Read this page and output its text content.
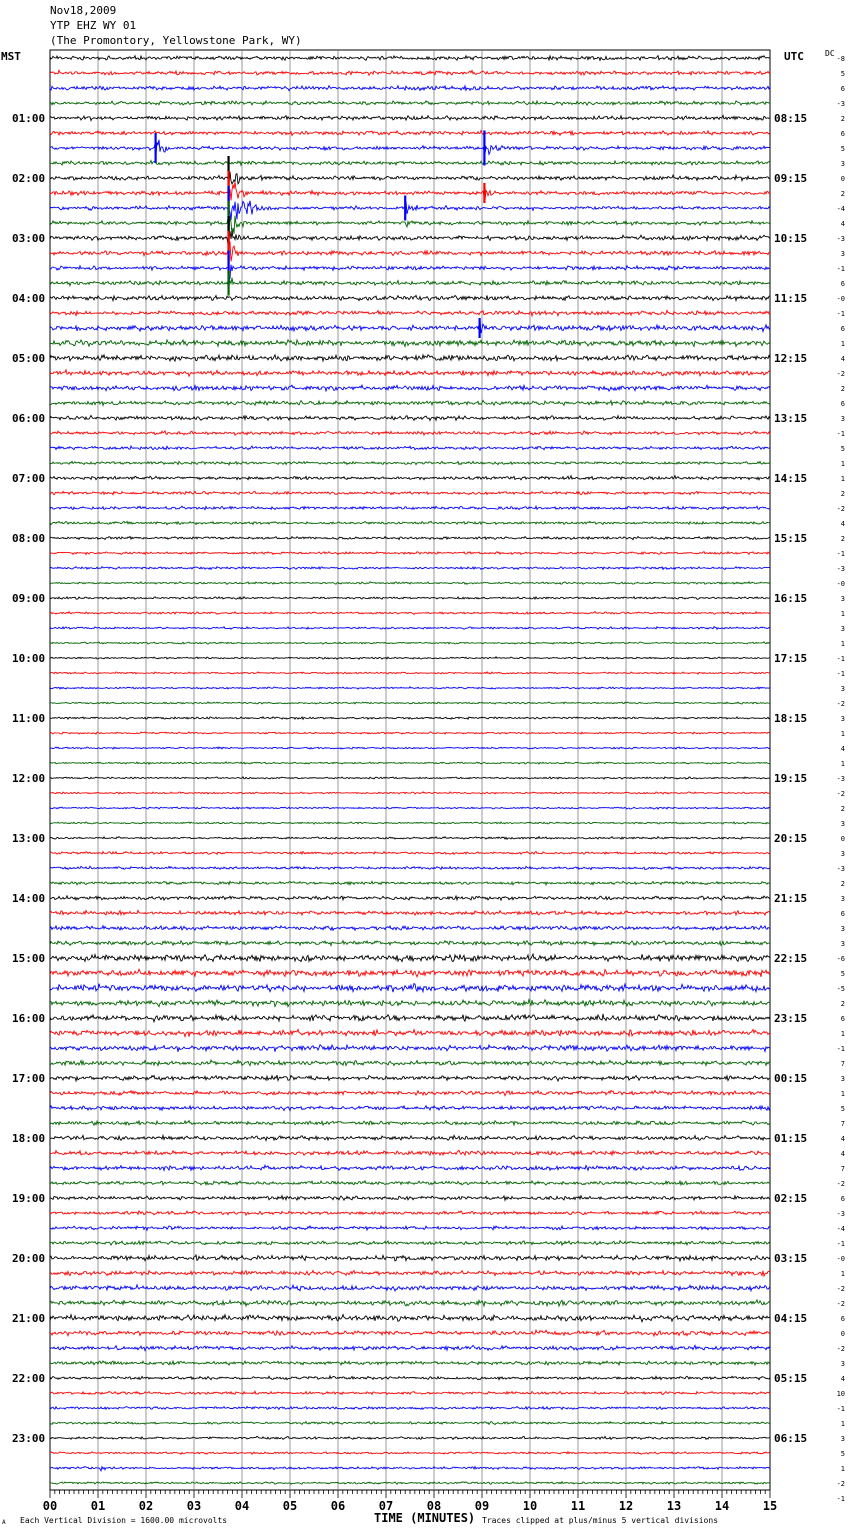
Nov18,2009
YTP EHZ WY 01
(The Promontory, Yellowstone Park, WY)
MST	UTC	DC
00	01	02	03	04	05	06	07	08	09	10	11	12	13	14	15
01:00
02:00
03:00
04:00
05:00
06:00
07:00
08:00
09:00
10:00
11:00
12:00
13:00
14:00
15:00
16:00
17:00
18:00
19:00
20:00
21:00
22:00
23:00
08:15
09:15
10:15
11:15
12:15
13:15
14:15
15:15
16:15
17:15
18:15
19:15
20:15
21:15
22:15
23:15
00:15
01:15
02:15
03:15
04:15
05:15
06:15
-8
5
6
-3
2
6
5
3
0
2
-4
4
-3
3
-1
6
-0
-1
6
1
4
-2
2
6
3
-1
5
1
1
2
-2
4
2
-1
-3
-0
3
1
3
1
-1
-1
3
-2
3
1
4
1
-3
-2
2
3
0
3
-3
2
3
6
3
3
-6
5
-5
2
6
1
-1
7
3
1
5
7
4
4
7
-2
6
-3
-4
-1
-0
1
-2
-2
6
0
-2
3
4
10
-1
1
3
5
1
-2
-1
TIME (MINUTES)
Each Vertical Division = 1600.00 microvolts	Traces clipped at plus/minus 5 vertical divisions
A
